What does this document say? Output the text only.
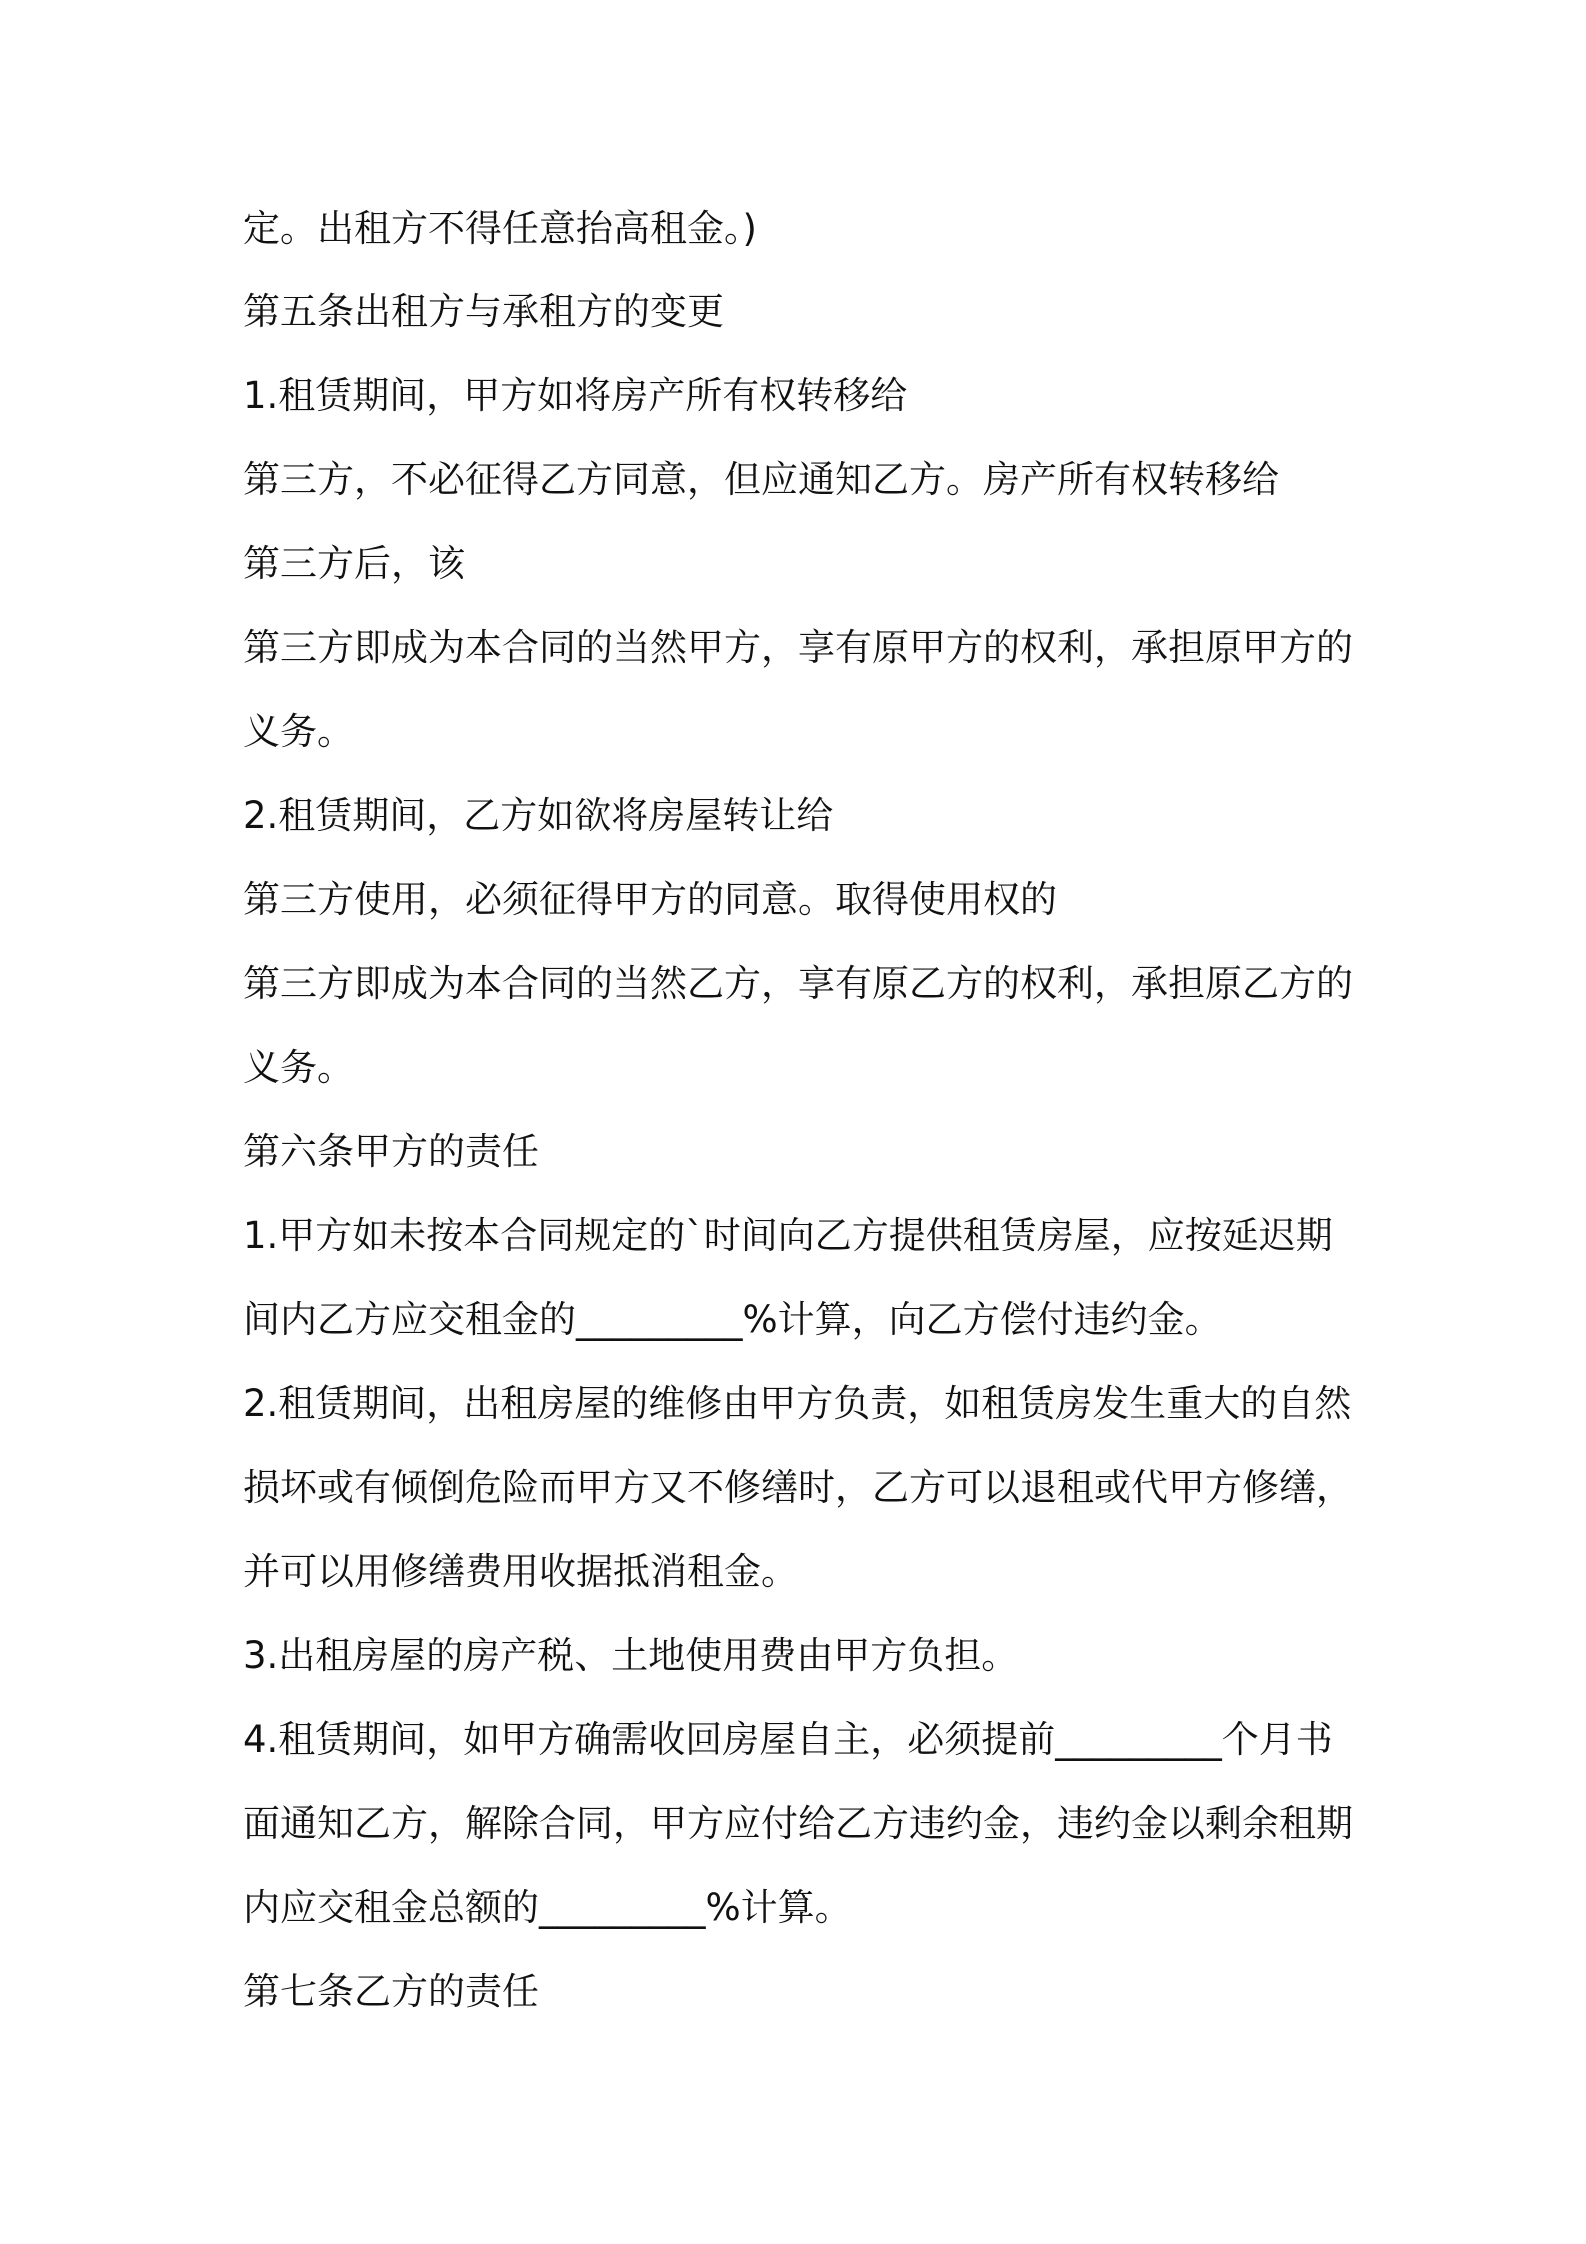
定。出租方不得任意抬高租金。)
第五条出租方与承租方的变更
1.租赁期间，甲方如将房产所有权转移给
第三方，不必征得乙方同意，但应通知乙方。房产所有权转移给
第三方后，该
第三方即成为本合同的当然甲方，享有原甲方的权利，承担原甲方的
义务。
2.租赁期间，乙方如欲将房屋转让给
第三方使用，必须征得甲方的同意。取得使用权的
第三方即成为本合同的当然乙方，享有原乙方的权利，承担原乙方的
义务。
第六条甲方的责任
1.甲方如未按本合同规定的`时间向乙方提供租赁房屋，应按延迟期
间内乙方应交租金的_________%计算，向乙方偿付违约金。
2.租赁期间，出租房屋的维修由甲方负责，如租赁房发生重大的自然
损坏或有倾倒危险而甲方又不修缮时，乙方可以退租或代甲方修缮，
并可以用修缮费用收据抵消租金。
3.出租房屋的房产税、土地使用费由甲方负担。
4.租赁期间，如甲方确需收回房屋自主，必须提前_________个月书
面通知乙方，解除合同，甲方应付给乙方违约金，违约金以剩余租期
内应交租金总额的_________%计算。
第七条乙方的责任
